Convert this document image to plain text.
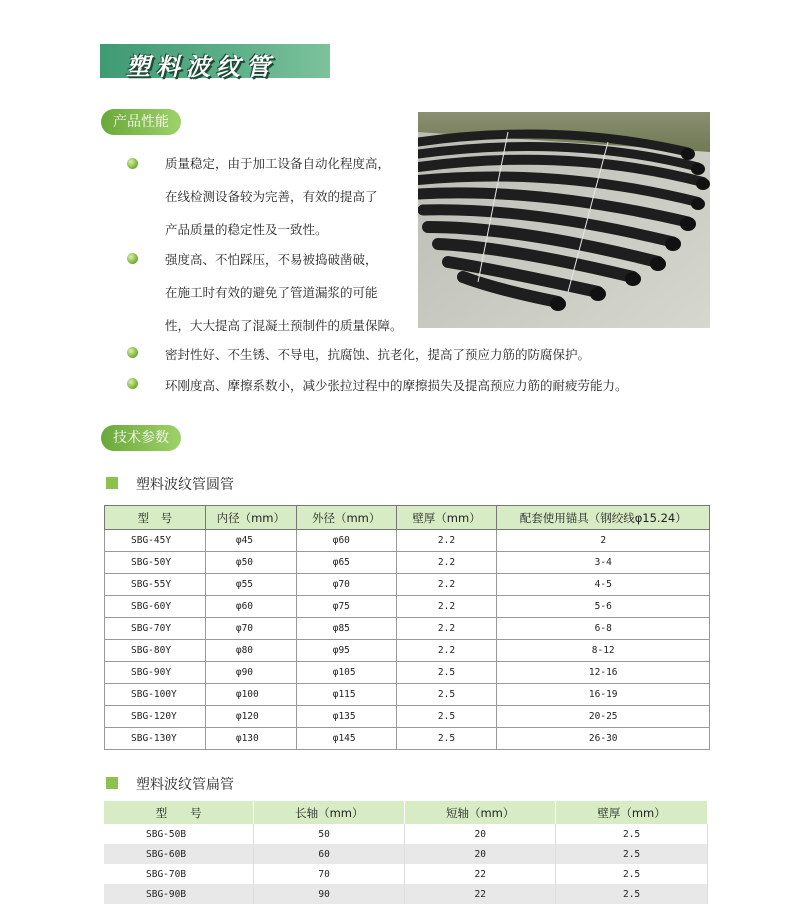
塑料波纹管
产品性能
质量稳定，由于加工设备自动化程度高，
在线检测设备较为完善，有效的提高了
产品质量的稳定性及一致性。
强度高、不怕踩压，不易被捣破凿破，
在施工时有效的避免了管道漏浆的可能
性，大大提高了混凝土预制件的质量保障。
密封性好、不生锈、不导电，抗腐蚀、抗老化，提高了预应力筋的防腐保护。
环刚度高、摩擦系数小，减少张拉过程中的摩擦损失及提高预应力筋的耐疲劳能力。
技术参数
塑料波纹管圆管
型　号	内径（mm）	外径（mm）	壁厚（mm）	配套使用锚具（钢绞线φ15.24）
SBG-45Y	φ45	φ60	2.2	2
SBG-50Y	φ50	φ65	2.2	3-4
SBG-55Y	φ55	φ70	2.2	4-5
SBG-60Y	φ60	φ75	2.2	5-6
SBG-70Y	φ70	φ85	2.2	6-8
SBG-80Y	φ80	φ95	2.2	8-12
SBG-90Y	φ90	φ105	2.5	12-16
SBG-100Y	φ100	φ115	2.5	16-19
SBG-120Y	φ120	φ135	2.5	20-25
SBG-130Y	φ130	φ145	2.5	26-30
塑料波纹管扁管
型　　号	长轴（mm）	短轴（mm）	壁厚（mm）
SBG-50B	50	20	2.5
SBG-60B	60	20	2.5
SBG-70B	70	22	2.5
SBG-90B	90	22	2.5
